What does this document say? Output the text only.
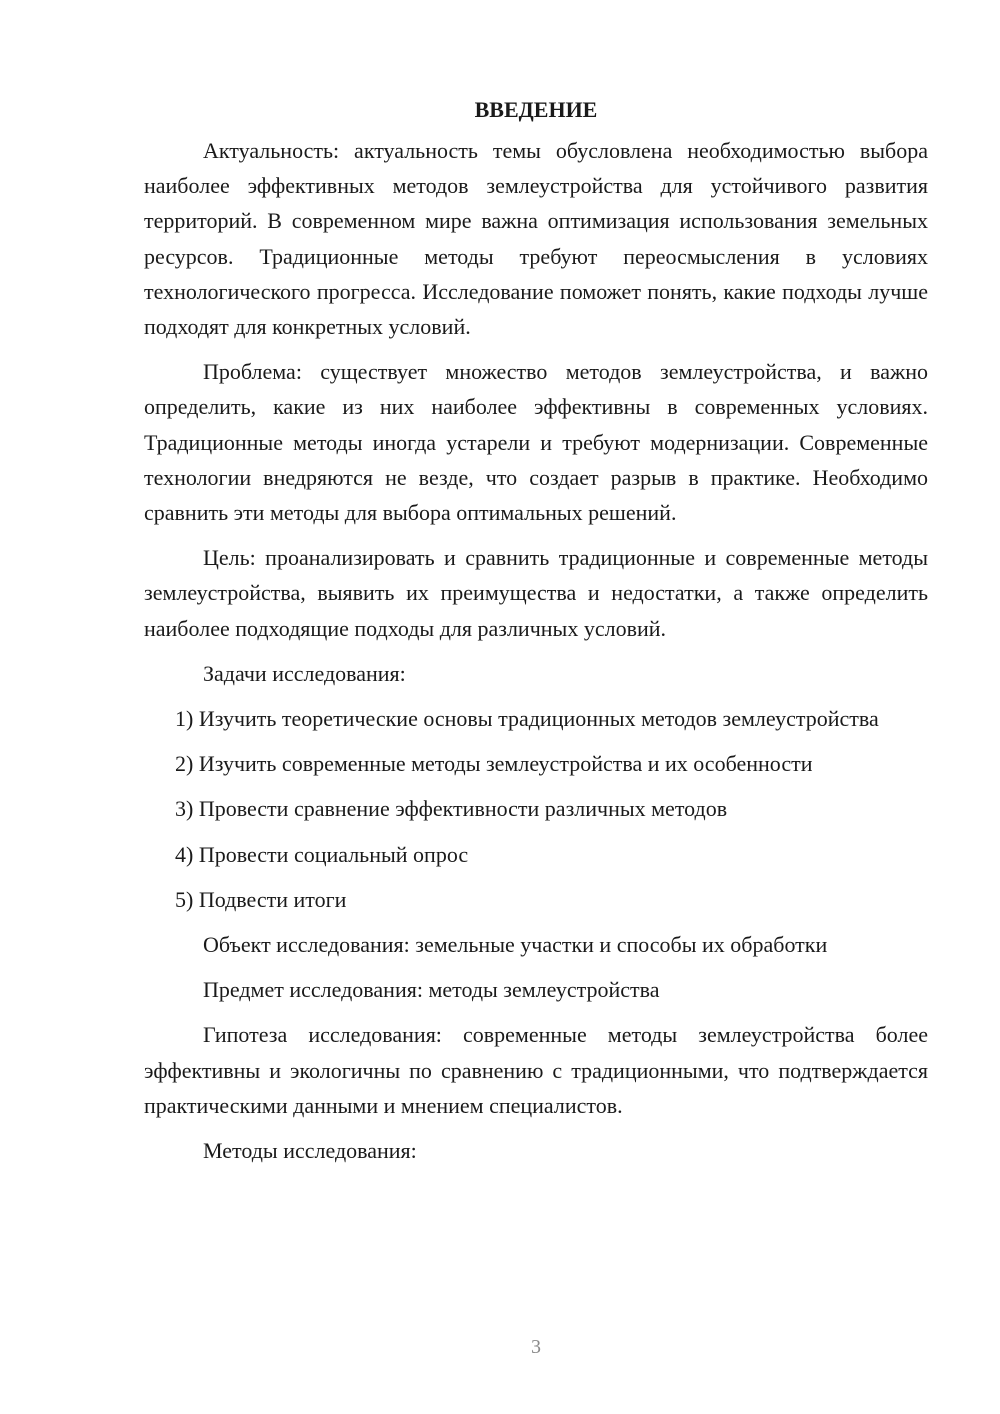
ВВЕДЕНИЕ

Актуальность: актуальность темы обусловлена необходимостью выбора наиболее эффективных методов землеустройства для устойчивого развития территорий. В современном мире важна оптимизация использования земельных ресурсов. Традиционные методы требуют переосмысления в условиях технологического прогресса. Исследование поможет понять, какие подходы лучше подходят для конкретных условий.

Проблема: существует множество методов землеустройства, и важно определить, какие из них наиболее эффективны в современных условиях. Традиционные методы иногда устарели и требуют модернизации. Современные технологии внедряются не везде, что создает разрыв в практике. Необходимо сравнить эти методы для выбора оптимальных решений.

Цель: проанализировать и сравнить традиционные и современные методы землеустройства, выявить их преимущества и недостатки, а также определить наиболее подходящие подходы для различных условий.

Задачи исследования:

1) Изучить теоретические основы традиционных методов землеустройства

2) Изучить современные методы землеустройства и их особенности

3) Провести сравнение эффективности различных методов

4) Провести социальный опрос

5) Подвести итоги

Объект исследования: земельные участки и способы их обработки

Предмет исследования: методы землеустройства

Гипотеза исследования: современные методы землеустройства более эффективны и экологичны по сравнению с традиционными, что подтверждается практическими данными и мнением специалистов.

Методы исследования:

3
